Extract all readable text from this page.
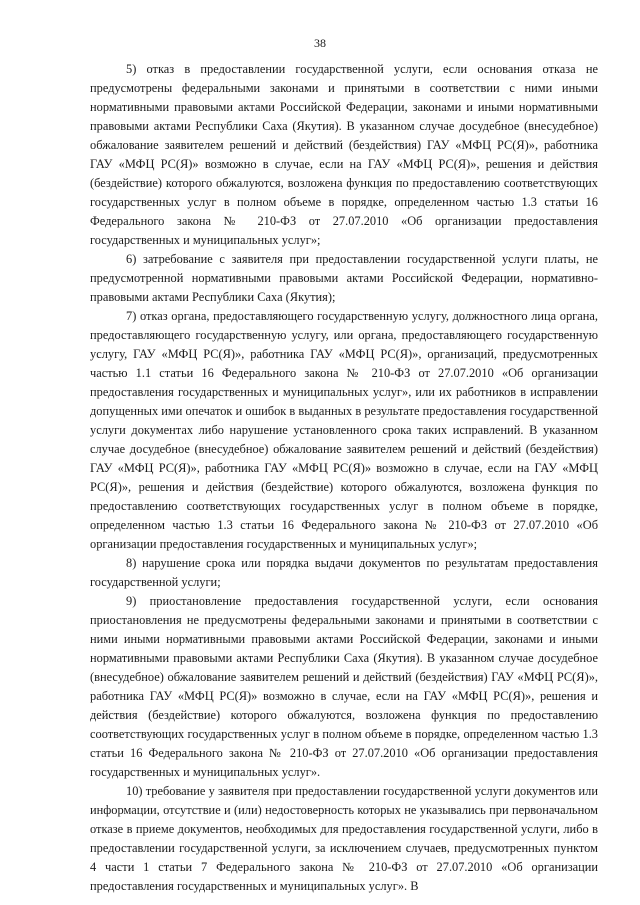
38

5) отказ в предоставлении государственной услуги, если основания отказа не предусмотрены федеральными законами и принятыми в соответствии с ними иными нормативными правовыми актами Российской Федерации, законами и иными нормативными правовыми актами Республики Саха (Якутия). В указанном случае досудебное (внесудебное) обжалование заявителем решений и действий (бездействия) ГАУ «МФЦ РС(Я)», работника ГАУ «МФЦ РС(Я)» возможно в случае, если на ГАУ «МФЦ РС(Я)», решения и действия (бездействие) которого обжалуются, возложена функция по предоставлению соответствующих государственных услуг в полном объеме в порядке, определенном частью 1.3 статьи 16 Федерального закона № 210-ФЗ от 27.07.2010 «Об организации предоставления государственных и муниципальных услуг»;

6) затребование с заявителя при предоставлении государственной услуги платы, не предусмотренной нормативными правовыми актами Российской Федерации, нормативно-правовыми актами Республики Саха (Якутия);

7) отказ органа, предоставляющего государственную услугу, должностного лица органа, предоставляющего государственную услугу, или органа, предоставляющего государственную услугу, ГАУ «МФЦ РС(Я)», работника ГАУ «МФЦ РС(Я)», организаций, предусмотренных частью 1.1 статьи 16 Федерального закона № 210-ФЗ от 27.07.2010 «Об организации предоставления государственных и муниципальных услуг», или их работников в исправлении допущенных ими опечаток и ошибок в выданных в результате предоставления государственной услуги документах либо нарушение установленного срока таких исправлений. В указанном случае досудебное (внесудебное) обжалование заявителем решений и действий (бездействия) ГАУ «МФЦ РС(Я)», работника ГАУ «МФЦ РС(Я)» возможно в случае, если на ГАУ «МФЦ РС(Я)», решения и действия (бездействие) которого обжалуются, возложена функция по предоставлению соответствующих государственных услуг в полном объеме в порядке, определенном частью 1.3 статьи 16 Федерального закона № 210-ФЗ от 27.07.2010 «Об организации предоставления государственных и муниципальных услуг»;

8) нарушение срока или порядка выдачи документов по результатам предоставления государственной услуги;

9) приостановление предоставления государственной услуги, если основания приостановления не предусмотрены федеральными законами и принятыми в соответствии с ними иными нормативными правовыми актами Российской Федерации, законами и иными нормативными правовыми актами Республики Саха (Якутия). В указанном случае досудебное (внесудебное) обжалование заявителем решений и действий (бездействия) ГАУ «МФЦ РС(Я)», работника ГАУ «МФЦ РС(Я)» возможно в случае, если на ГАУ «МФЦ РС(Я)», решения и действия (бездействие) которого обжалуются, возложена функция по предоставлению соответствующих государственных услуг в полном объеме в порядке, определенном частью 1.3 статьи 16 Федерального закона № 210-ФЗ от 27.07.2010 «Об организации предоставления государственных и муниципальных услуг».

10) требование у заявителя при предоставлении государственной услуги документов или информации, отсутствие и (или) недостоверность которых не указывались при первоначальном отказе в приеме документов, необходимых для предоставления государственной услуги, либо в предоставлении государственной услуги, за исключением случаев, предусмотренных пунктом 4 части 1 статьи 7 Федерального закона № 210-ФЗ от 27.07.2010 «Об организации предоставления государственных и муниципальных услуг». В
